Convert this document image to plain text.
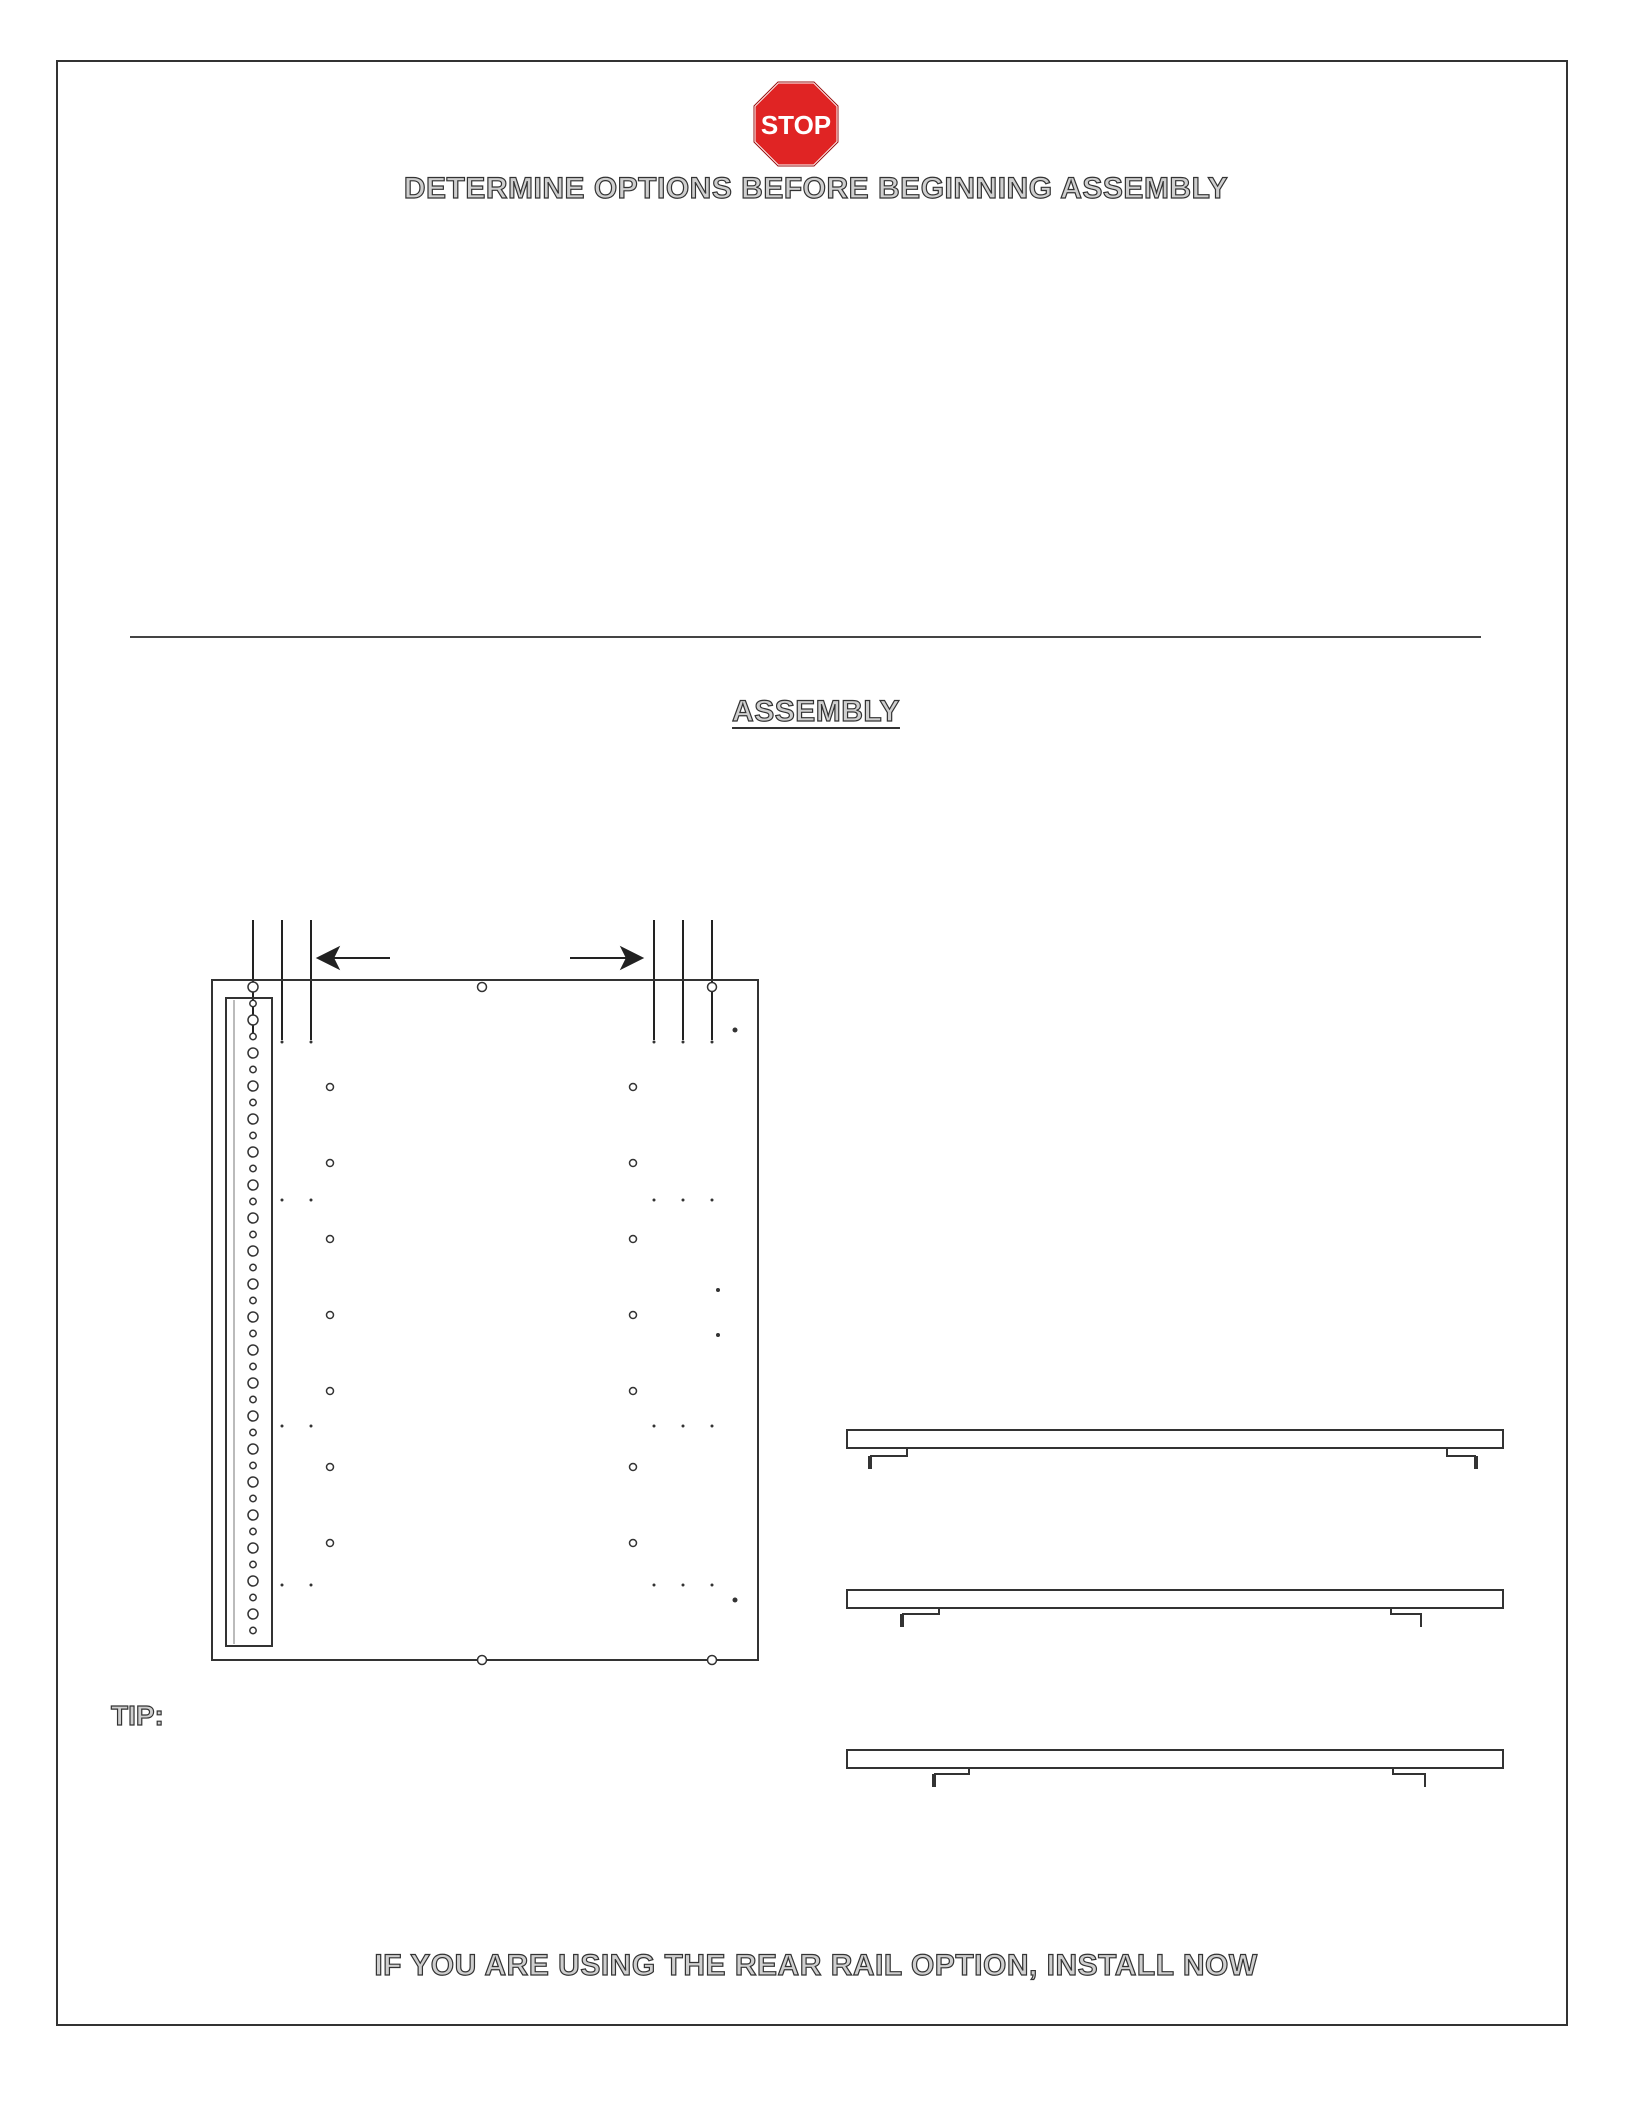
STOP
DETERMINE OPTIONS BEFORE BEGINNING ASSEMBLY
ASSEMBLY
TIP:
IF YOU ARE USING THE REAR RAIL OPTION, INSTALL NOW
